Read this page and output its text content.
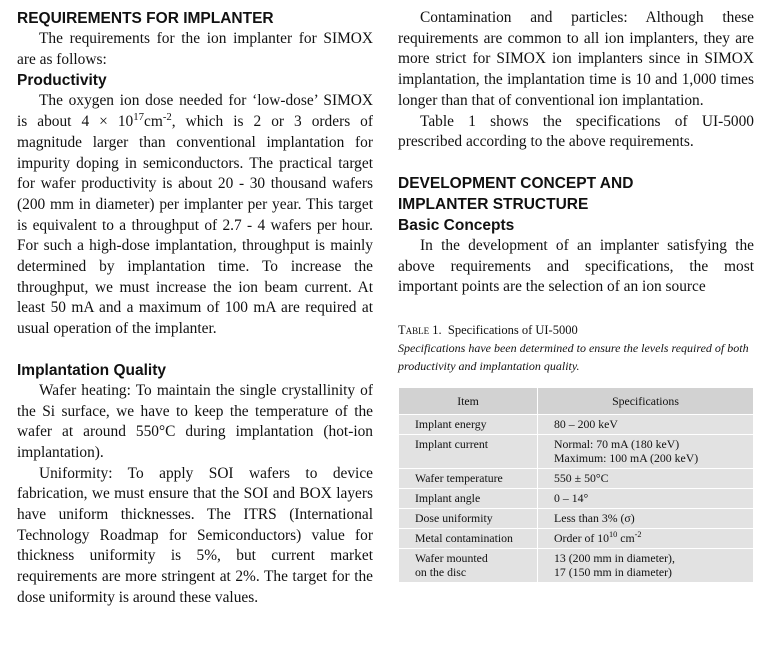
REQUIREMENTS FOR IMPLANTER

The requirements for the ion implanter for SIMOX are as follows:

Productivity

The oxygen ion dose needed for ‘low-dose’ SIMOX is about $4 \times 10^{17}cm^{-2}$, which is 2 or 3 orders of magnitude larger than conventional implantation for impurity doping in semiconductors. The practical target for wafer productivity is about 20 - 30 thousand wafers (200 mm in diameter) per implanter per year. This target is equivalent to a throughput of 2.7 - 4 wafers per hour. For such a high-dose implantation, throughput is mainly determined by implantation time. To increase the throughput, we must increase the ion beam current. At least 50 mA and a maximum of 100 mA are required at usual operation of the implanter.

Implantation Quality

Wafer heating: To maintain the single crystallinity of the Si surface, we have to keep the temperature of the wafer at around 550°C during implantation (hot-ion implantation).

Uniformity: To apply SOI wafers to device fabrication, we must ensure that the SOI and BOX layers have uniform thicknesses. The ITRS (International Technology Roadmap for Semiconductors) value for thickness uniformity is 5%, but current market requirements are more stringent at 2%. The target for the dose uniformity is around these values.

Contamination and particles: Although these requirements are common to all ion implanters, they are more strict for SIMOX ion implanters since in SIMOX implantation, the implantation time is 10 and 1,000 times longer than that of conventional ion implantation.

Table 1 shows the specifications of UI-5000 prescribed according to the above requirements.

DEVELOPMENT CONCEPT AND
IMPLANTER STRUCTURE
Basic Concepts

In the development of an implanter satisfying the above requirements and specifications, the most important points are the selection of an ion source

Table 1. Specifications of UI-5000

Specifications have been determined to ensure the levels required of both productivity and implantation quality.

Item	Specifications
Implant energy	80 – 200 keV
Implant current	Normal: 70 mA (180 keV)
Maximum: 100 mA (200 keV)
Wafer temperature	550 ± 50°C
Implant angle	0 – 14°
Dose uniformity	Less than 3% (σ)
Metal contamination	Order of $10^{10}$ $cm^{-2}$
Wafer mounted
on the disc	13 (200 mm in diameter),
17 (150 mm in diameter)
